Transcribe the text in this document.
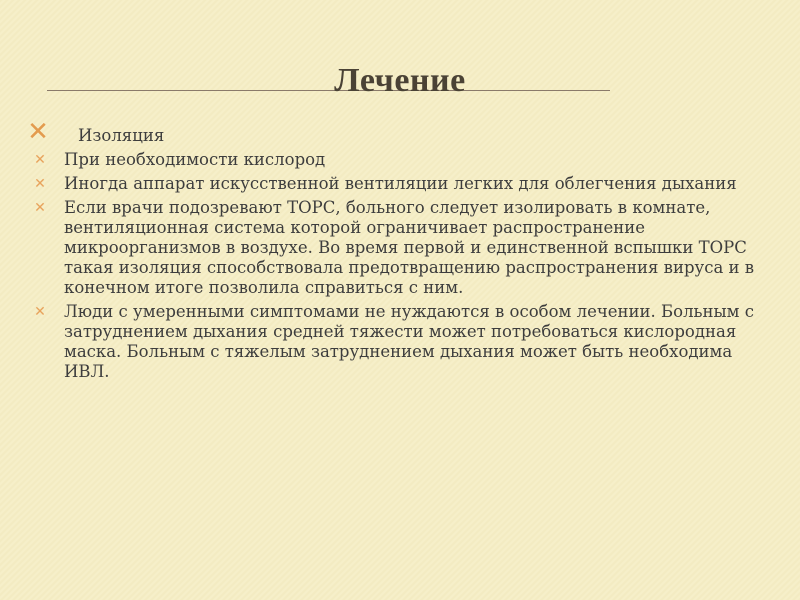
Лечение
✕ Изоляция
✕ При необходимости кислород
✕ Иногда аппарат искусственной вентиляции легких для облегчения дыхания
✕ Если врачи подозревают ТОРС, больного следует изолировать в комнате, вентиляционная система которой ограничивает распространение микроорганизмов в воздухе. Во время первой и единственной вспышки ТОРС такая изоляция способствовала предотвращению распространения вируса и в конечном итоге позволила справиться с ним.
✕ Люди с умеренными симптомами не нуждаются в особом лечении. Больным с затруднением дыхания средней тяжести может потребоваться кислородная маска. Больным с тяжелым затруднением дыхания может быть необходима ИВЛ.
